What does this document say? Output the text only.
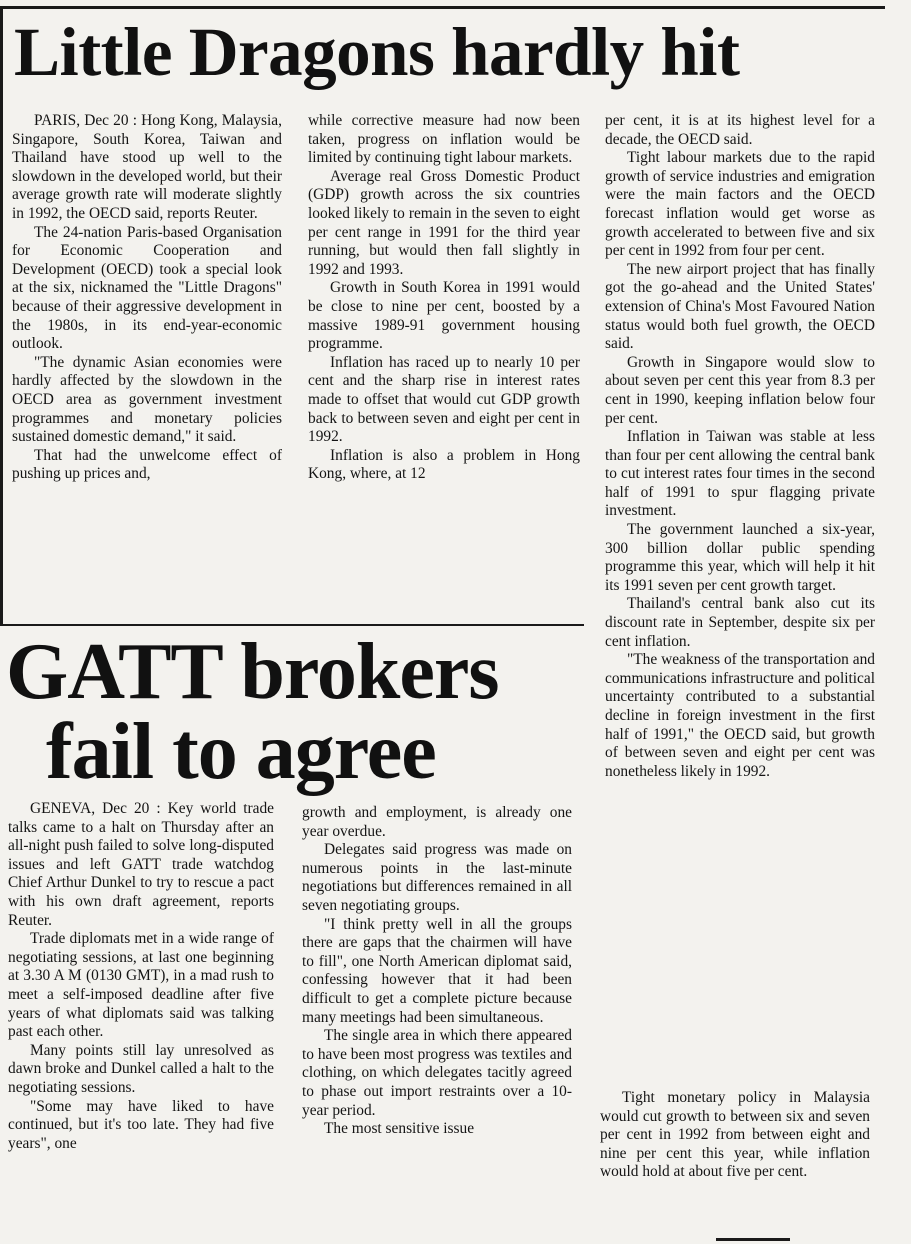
Little Dragons hardly hit

PARIS, Dec 20 : Hong Kong, Malaysia, Singapore, South Korea, Taiwan and Thailand have stood up well to the slowdown in the developed world, but their average growth rate will moderate slightly in 1992, the OECD said, reports Reuter.

The 24-nation Paris-based Organisation for Economic Cooperation and Development (OECD) took a special look at the six, nicknamed the "Little Dragons" because of their aggressive development in the 1980s, in its end-year-economic outlook.

"The dynamic Asian economies were hardly affected by the slowdown in the OECD area as government investment programmes and monetary policies sustained domestic demand," it said.

That had the unwelcome effect of pushing up prices and,

while corrective measure had now been taken, progress on inflation would be limited by continuing tight labour markets.

Average real Gross Domestic Product (GDP) growth across the six countries looked likely to remain in the seven to eight per cent range in 1991 for the third year running, but would then fall slightly in 1992 and 1993.

Growth in South Korea in 1991 would be close to nine per cent, boosted by a massive 1989-91 government housing programme.

Inflation has raced up to nearly 10 per cent and the sharp rise in interest rates made to offset that would cut GDP growth back to between seven and eight per cent in 1992.

Inflation is also a problem in Hong Kong, where, at 12

per cent, it is at its highest level for a decade, the OECD said.

Tight labour markets due to the rapid growth of service industries and emigration were the main factors and the OECD forecast inflation would get worse as growth accelerated to between five and six per cent in 1992 from four per cent.

The new airport project that has finally got the go-ahead and the United States' extension of China's Most Favoured Nation status would both fuel growth, the OECD said.

Growth in Singapore would slow to about seven per cent this year from 8.3 per cent in 1990, keeping inflation below four per cent.

Inflation in Taiwan was stable at less than four per cent allowing the central bank to cut interest rates four times in the second half of 1991 to spur flagging private investment.

The government launched a six-year, 300 billion dollar public spending programme this year, which will help it hit its 1991 seven per cent growth target.

Thailand's central bank also cut its discount rate in September, despite six per cent inflation.

"The weakness of the transportation and communications infrastructure and political uncertainty contributed to a substantial decline in foreign investment in the first half of 1991," the OECD said, but growth of between seven and eight per cent was nonetheless likely in 1992.

Tight monetary policy in Malaysia would cut growth to between six and seven per cent in 1992 from between eight and nine per cent this year, while inflation would hold at about five per cent.

GATT brokers
fail to agree

GENEVA, Dec 20 : Key world trade talks came to a halt on Thursday after an all-night push failed to solve long-disputed issues and left GATT trade watchdog Chief Arthur Dunkel to try to rescue a pact with his own draft agreement, reports Reuter.

Trade diplomats met in a wide range of negotiating sessions, at last one beginning at 3.30 A M (0130 GMT), in a mad rush to meet a self-imposed deadline after five years of what diplomats said was talking past each other.

Many points still lay unresolved as dawn broke and Dunkel called a halt to the negotiating sessions.

"Some may have liked to have continued, but it's too late. They had five years", one

growth and employment, is already one year overdue.

Delegates said progress was made on numerous points in the last-minute negotiations but differences remained in all seven negotiating groups.

"I think pretty well in all the groups there are gaps that the chairmen will have to fill", one North American diplomat said, confessing however that it had been difficult to get a complete picture because many meetings had been simultaneous.

The single area in which there appeared to have been most progress was textiles and clothing, on which delegates tacitly agreed to phase out import restraints over a 10-year period.

The most sensitive issue
